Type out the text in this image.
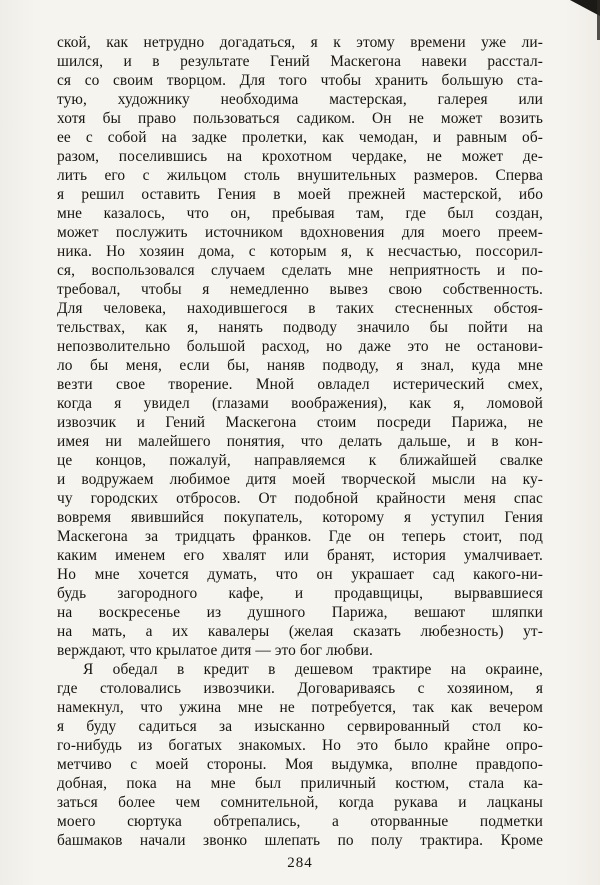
ской, как нетрудно догадаться, я к этому времени уже ли-
шился, и в результате Гений Маскегона навеки расстал-
ся со своим творцом. Для того чтобы хранить большую ста-
тую, художнику необходима мастерская, галерея или
хотя бы право пользоваться садиком. Он не может возить
ее с собой на задке пролетки, как чемодан, и равным об-
разом, поселившись на крохотном чердаке, не может де-
лить его с жильцом столь внушительных размеров. Сперва
я решил оставить Гения в моей прежней мастерской, ибо
мне казалось, что он, пребывая там, где был создан,
может послужить источником вдохновения для моего преем-
ника. Но хозяин дома, с которым я, к несчастью, поссорил-
ся, воспользовался случаем сделать мне неприятность и по-
требовал, чтобы я немедленно вывез свою собственность.
Для человека, находившегося в таких стесненных обстоя-
тельствах, как я, нанять подводу значило бы пойти на
непозволительно большой расход, но даже это не останови-
ло бы меня, если бы, наняв подводу, я знал, куда мне
везти свое творение. Мной овладел истерический смех,
когда я увидел (глазами воображения), как я, ломовой
извозчик и Гений Маскегона стоим посреди Парижа, не
имея ни малейшего понятия, что делать дальше, и в кон-
це концов, пожалуй, направляемся к ближайшей свалке
и водружаем любимое дитя моей творческой мысли на ку-
чу городских отбросов. От подобной крайности меня спас
вовремя явившийся покупатель, которому я уступил Гения
Маскегона за тридцать франков. Где он теперь стоит, под
каким именем его хвалят или бранят, история умалчивает.
Но мне хочется думать, что он украшает сад какого-ни-
будь загородного кафе, и продавщицы, вырвавшиеся
на воскресенье из душного Парижа, вешают шляпки
на мать, а их кавалеры (желая сказать любезность) ут-
верждают, что крылатое дитя — это бог любви.
Я обедал в кредит в дешевом трактире на окраине,
где столовались извозчики. Договариваясь с хозяином, я
намекнул, что ужина мне не потребуется, так как вечером
я буду садиться за изысканно сервированный стол ко-
го-нибудь из богатых знакомых. Но это было крайне опро-
метчиво с моей стороны. Моя выдумка, вполне правдопо-
добная, пока на мне был приличный костюм, стала ка-
заться более чем сомнительной, когда рукава и лацканы
моего сюртука обтрепались, а оторванные подметки
башмаков начали звонко шлепать по полу трактира. Кроме
284
